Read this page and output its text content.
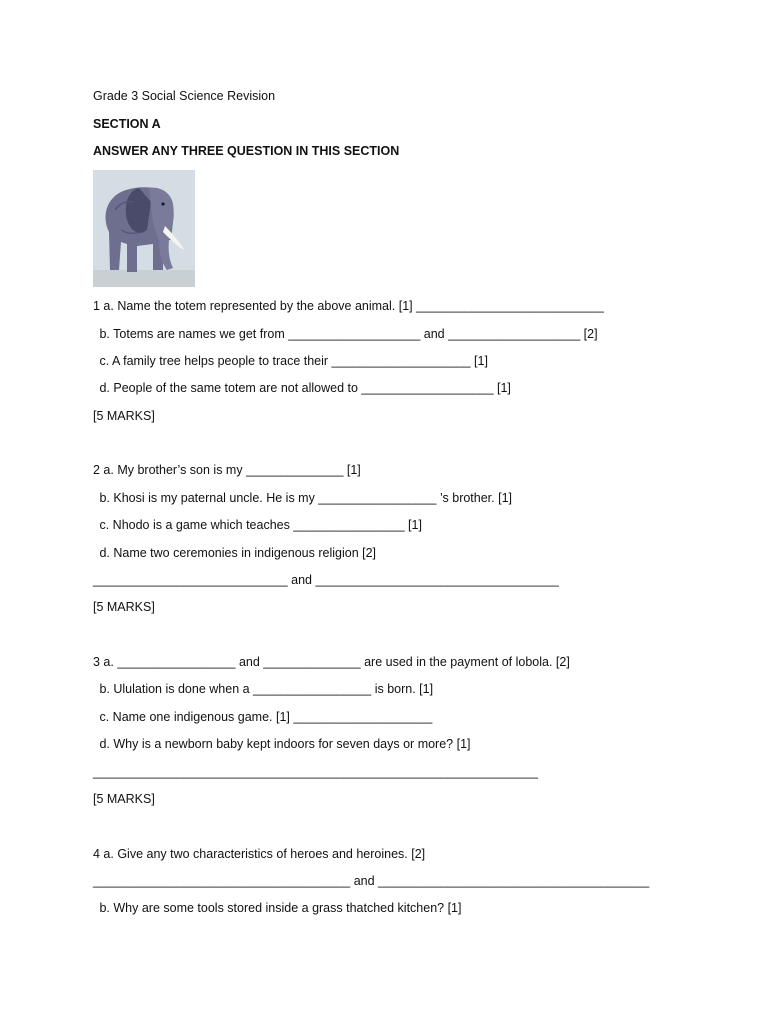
Grade 3 Social Science Revision
SECTION A
ANSWER ANY THREE QUESTION IN THIS SECTION
1 a. Name the totem represented by the above animal. [1] ___________________________
b. Totems are names we get from ___________________ and ___________________ [2]
c. A family tree helps people to trace their ____________________ [1]
d. People of the same totem are not allowed to ___________________ [1]
[5 MARKS]
2 a. My brother’s son is my ______________ [1]
b. Khosi is my paternal uncle. He is my _________________ ’s brother. [1]
c. Nhodo is a game which teaches ________________ [1]
d. Name two ceremonies in indigenous religion [2]
____________________________ and ___________________________________
[5 MARKS]
3 a. _________________ and ______________ are used in the payment of lobola. [2]
b. Ululation is done when a _________________ is born. [1]
c. Name one indigenous game. [1] ____________________
d. Why is a newborn baby kept indoors for seven days or more? [1]
________________________________________________________________
[5 MARKS]
4 a. Give any two characteristics of heroes and heroines. [2]
_____________________________________ and _______________________________________
b. Why are some tools stored inside a grass thatched kitchen? [1]
